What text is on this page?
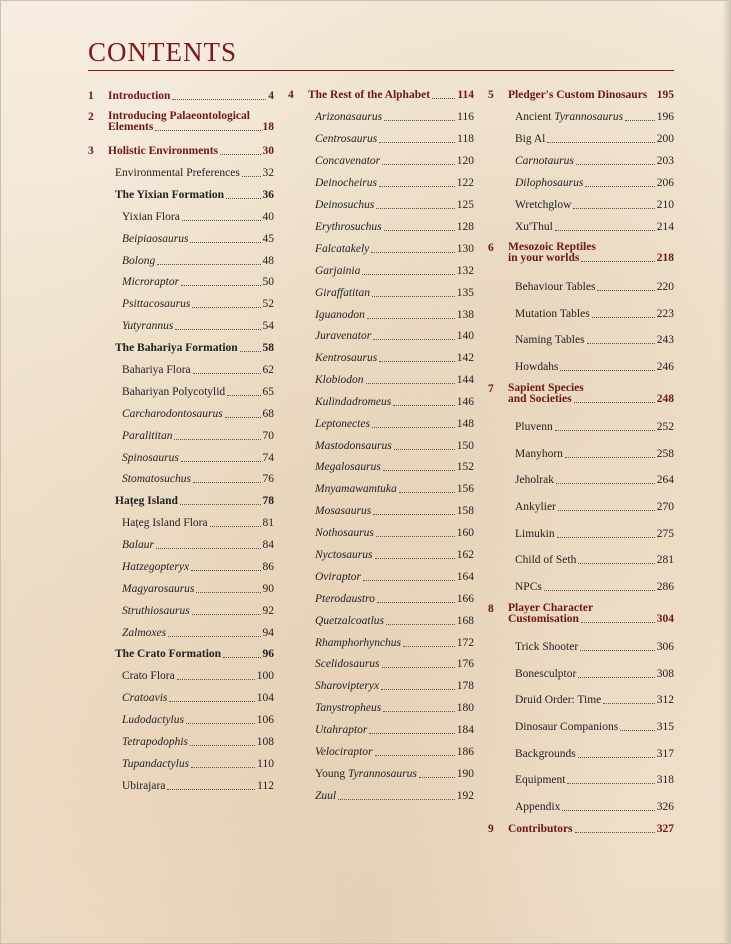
CONTENTS
1 Introduction	4
2 Introducing Palaeontological
Elements	18
3 Holistic Environments	30
Environmental Preferences 32
The Yixian Formation	36
Yixian Flora	40
Beipiaosaurus	45
Bolong	48
Microraptor	50
Psittacosaurus	52
Yutyrannus	54
The Bahariya Formation 58
Bahariya Flora	62
Bahariyan Polycotylid	65
Carcharodontosaurus	68
Paralititan	70
Spinosaurus	74
Stomatosuchus	76
Hațeg Island	78
Hațeg Island Flora	81
Balaur	84
Hatzegopteryx	86
Magyarosaurus	90
Struthiosaurus	92
Zalmoxes	94
The Crato Formation	96
Crato Flora	100
Cratoavis	104
Ludodactylus	106
Tetrapodophis	108
Tupandactylus	110
Ubirajara	112
4 The Rest of the Alphabet 114
Arizonasaurus	116
Centrosaurus	118
Concavenator	120
Deinocheirus	122
Deinosuchus	125
Erythrosuchus	128
Falcatakely	130
Garjainia	132
Giraffatitan	135
Iguanodon	138
Juravenator	140
Kentrosaurus	142
Klobiodon	144
Kulindadromeus	146
Leptonectes	148
Mastodonsaurus	150
Megalosaurus	152
Mnyamawamtuka	156
Mosasaurus	158
Nothosaurus	160
Nyctosaurus	162
Oviraptor	164
Pterodaustro	166
Quetzalcoatlus	168
Rhamphorhynchus	172
Scelidosaurus	176
Sharovipteryx	178
Tanystropheus	180
Utahraptor	184
Velociraptor	186
Young Tyrannosaurus	190
Zuul	192
5 Pledger's Custom Dinosaurs 195
Ancient Tyrannosaurus	196
Big Al	200
Carnotaurus	203
Dilophosaurus	206
Wretchglow	210
Xu'Thul	214
6 Mesozoic Reptiles
in your worlds	218
Behaviour Tables	220
Mutation Tables	223
Naming Tables	243
Howdahs	246
7 Sapient Species
and Societies	248
Pluvenn	252
Manyhorn	258
Jeholrak	264
Ankylier	270
Limukin	275
Child of Seth	281
NPCs	286
8 Player Character
Customisation	304
Trick Shooter	306
Bonesculptor	308
Druid Order: Time	312
Dinosaur Companions	315
Backgrounds	317
Equipment	318
Appendix	326
9 Contributors	327
